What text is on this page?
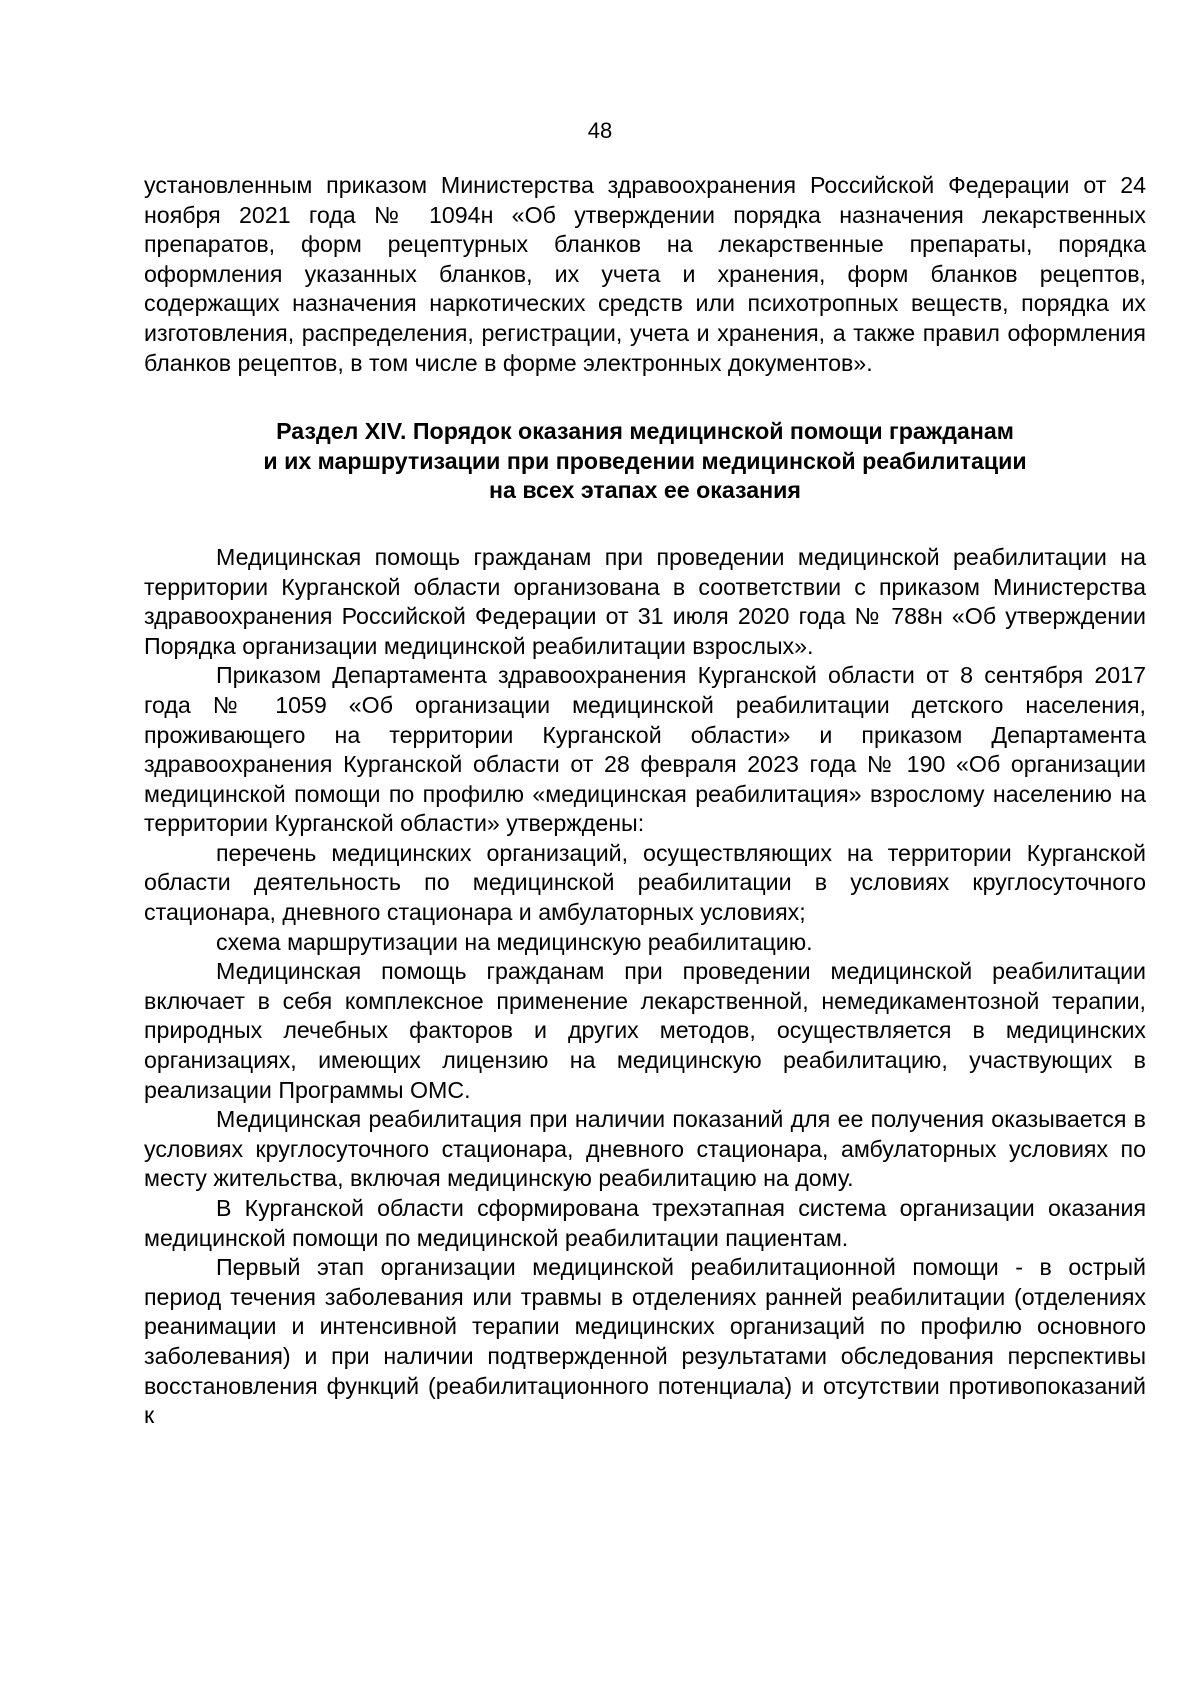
48

установленным приказом Министерства здравоохранения Российской Федерации от 24 ноября 2021 года № 1094н «Об утверждении порядка назначения лекарственных препаратов, форм рецептурных бланков на лекарственные препараты, порядка оформления указанных бланков, их учета и хранения, форм бланков рецептов, содержащих назначения наркотических средств или психотропных веществ, порядка их изготовления, распределения, регистрации, учета и хранения, а также правил оформления бланков рецептов, в том числе в форме электронных документов».

Раздел XIV. Порядок оказания медицинской помощи гражданам
и их маршрутизации при проведении медицинской реабилитации
на всех этапах ее оказания

Медицинская помощь гражданам при проведении медицинской реабилитации на территории Курганской области организована в соответствии с приказом Министерства здравоохранения Российской Федерации от 31 июля 2020 года № 788н «Об утверждении Порядка организации медицинской реабилитации взрослых».

Приказом Департамента здравоохранения Курганской области от 8 сентября 2017 года № 1059 «Об организации медицинской реабилитации детского населения, проживающего на территории Курганской области» и приказом Департамента здравоохранения Курганской области от 28 февраля 2023 года № 190 «Об организации медицинской помощи по профилю «медицинская реабилитация» взрослому населению на территории Курганской области» утверждены:

перечень медицинских организаций, осуществляющих на территории Курганской области деятельность по медицинской реабилитации в условиях круглосуточного стационара, дневного стационара и амбулаторных условиях;

схема маршрутизации на медицинскую реабилитацию.

Медицинская помощь гражданам при проведении медицинской реабилитации включает в себя комплексное применение лекарственной, немедикаментозной терапии, природных лечебных факторов и других методов, осуществляется в медицинских организациях, имеющих лицензию на медицинскую реабилитацию, участвующих в реализации Программы ОМС.

Медицинская реабилитация при наличии показаний для ее получения оказывается в условиях круглосуточного стационара, дневного стационара, амбулаторных условиях по месту жительства, включая медицинскую реабилитацию на дому.

В Курганской области сформирована трехэтапная система организации оказания медицинской помощи по медицинской реабилитации пациентам.

Первый этап организации медицинской реабилитационной помощи - в острый период течения заболевания или травмы в отделениях ранней реабилитации (отделениях реанимации и интенсивной терапии медицинских организаций по профилю основного заболевания) и при наличии подтвержденной результатами обследования перспективы восстановления функций (реабилитационного потенциала) и отсутствии противопоказаний к
